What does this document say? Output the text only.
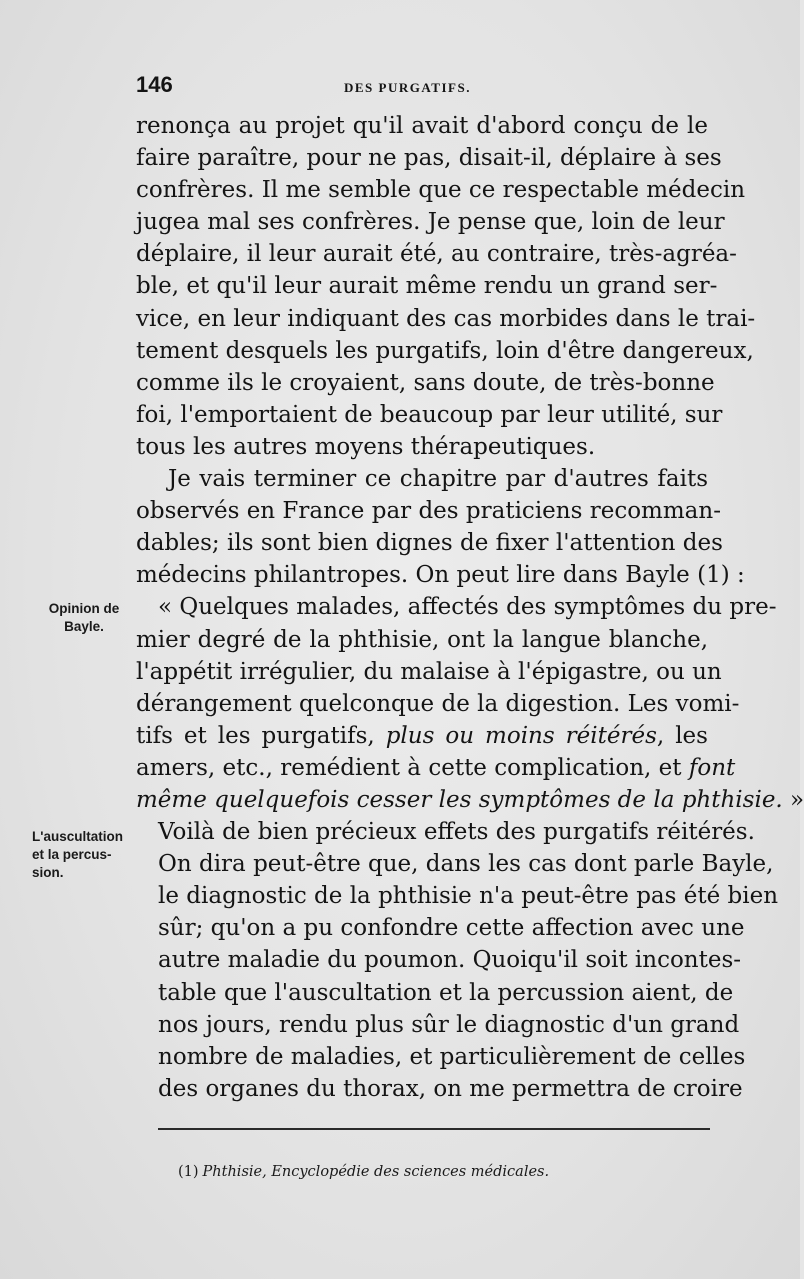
146	DES PURGATIFS.
Opinion de
Bayle.
L'auscultation
et la percus-
sion.
renonça au projet qu'il avait d'abord conçu de le
faire paraître, pour ne pas, disait-il, déplaire à ses
confrères. Il me semble que ce respectable médecin
jugea mal ses confrères. Je pense que, loin de leur
déplaire, il leur aurait été, au contraire, très-agréa-
ble, et qu'il leur aurait même rendu un grand ser-
vice, en leur indiquant des cas morbides dans le trai-
tement desquels les purgatifs, loin d'être dangereux,
comme ils le croyaient, sans doute, de très-bonne
foi, l'emportaient de beaucoup par leur utilité, sur
tous les autres moyens thérapeutiques.
Je vais terminer ce chapitre par d'autres faits
observés en France par des praticiens recomman-
dables; ils sont bien dignes de fixer l'attention des
médecins philantropes. On peut lire dans Bayle (1) :
« Quelques malades, affectés des symptômes du pre-
mier degré de la phthisie, ont la langue blanche,
l'appétit irrégulier, du malaise à l'épigastre, ou un
dérangement quelconque de la digestion. Les vomi-
tifs et les purgatifs, plus ou moins réitérés, les
amers, etc., remédient à cette complication, et font
même quelquefois cesser les symptômes de la phthisie. »
Voilà de bien précieux effets des purgatifs réitérés.
On dira peut-être que, dans les cas dont parle Bayle,
le diagnostic de la phthisie n'a peut-être pas été bien
sûr; qu'on a pu confondre cette affection avec une
autre maladie du poumon. Quoiqu'il soit incontes-
table que l'auscultation et la percussion aient, de
nos jours, rendu plus sûr le diagnostic d'un grand
nombre de maladies, et particulièrement de celles
des organes du thorax, on me permettra de croire
(1) Phthisie, Encyclopédie des sciences médicales.
